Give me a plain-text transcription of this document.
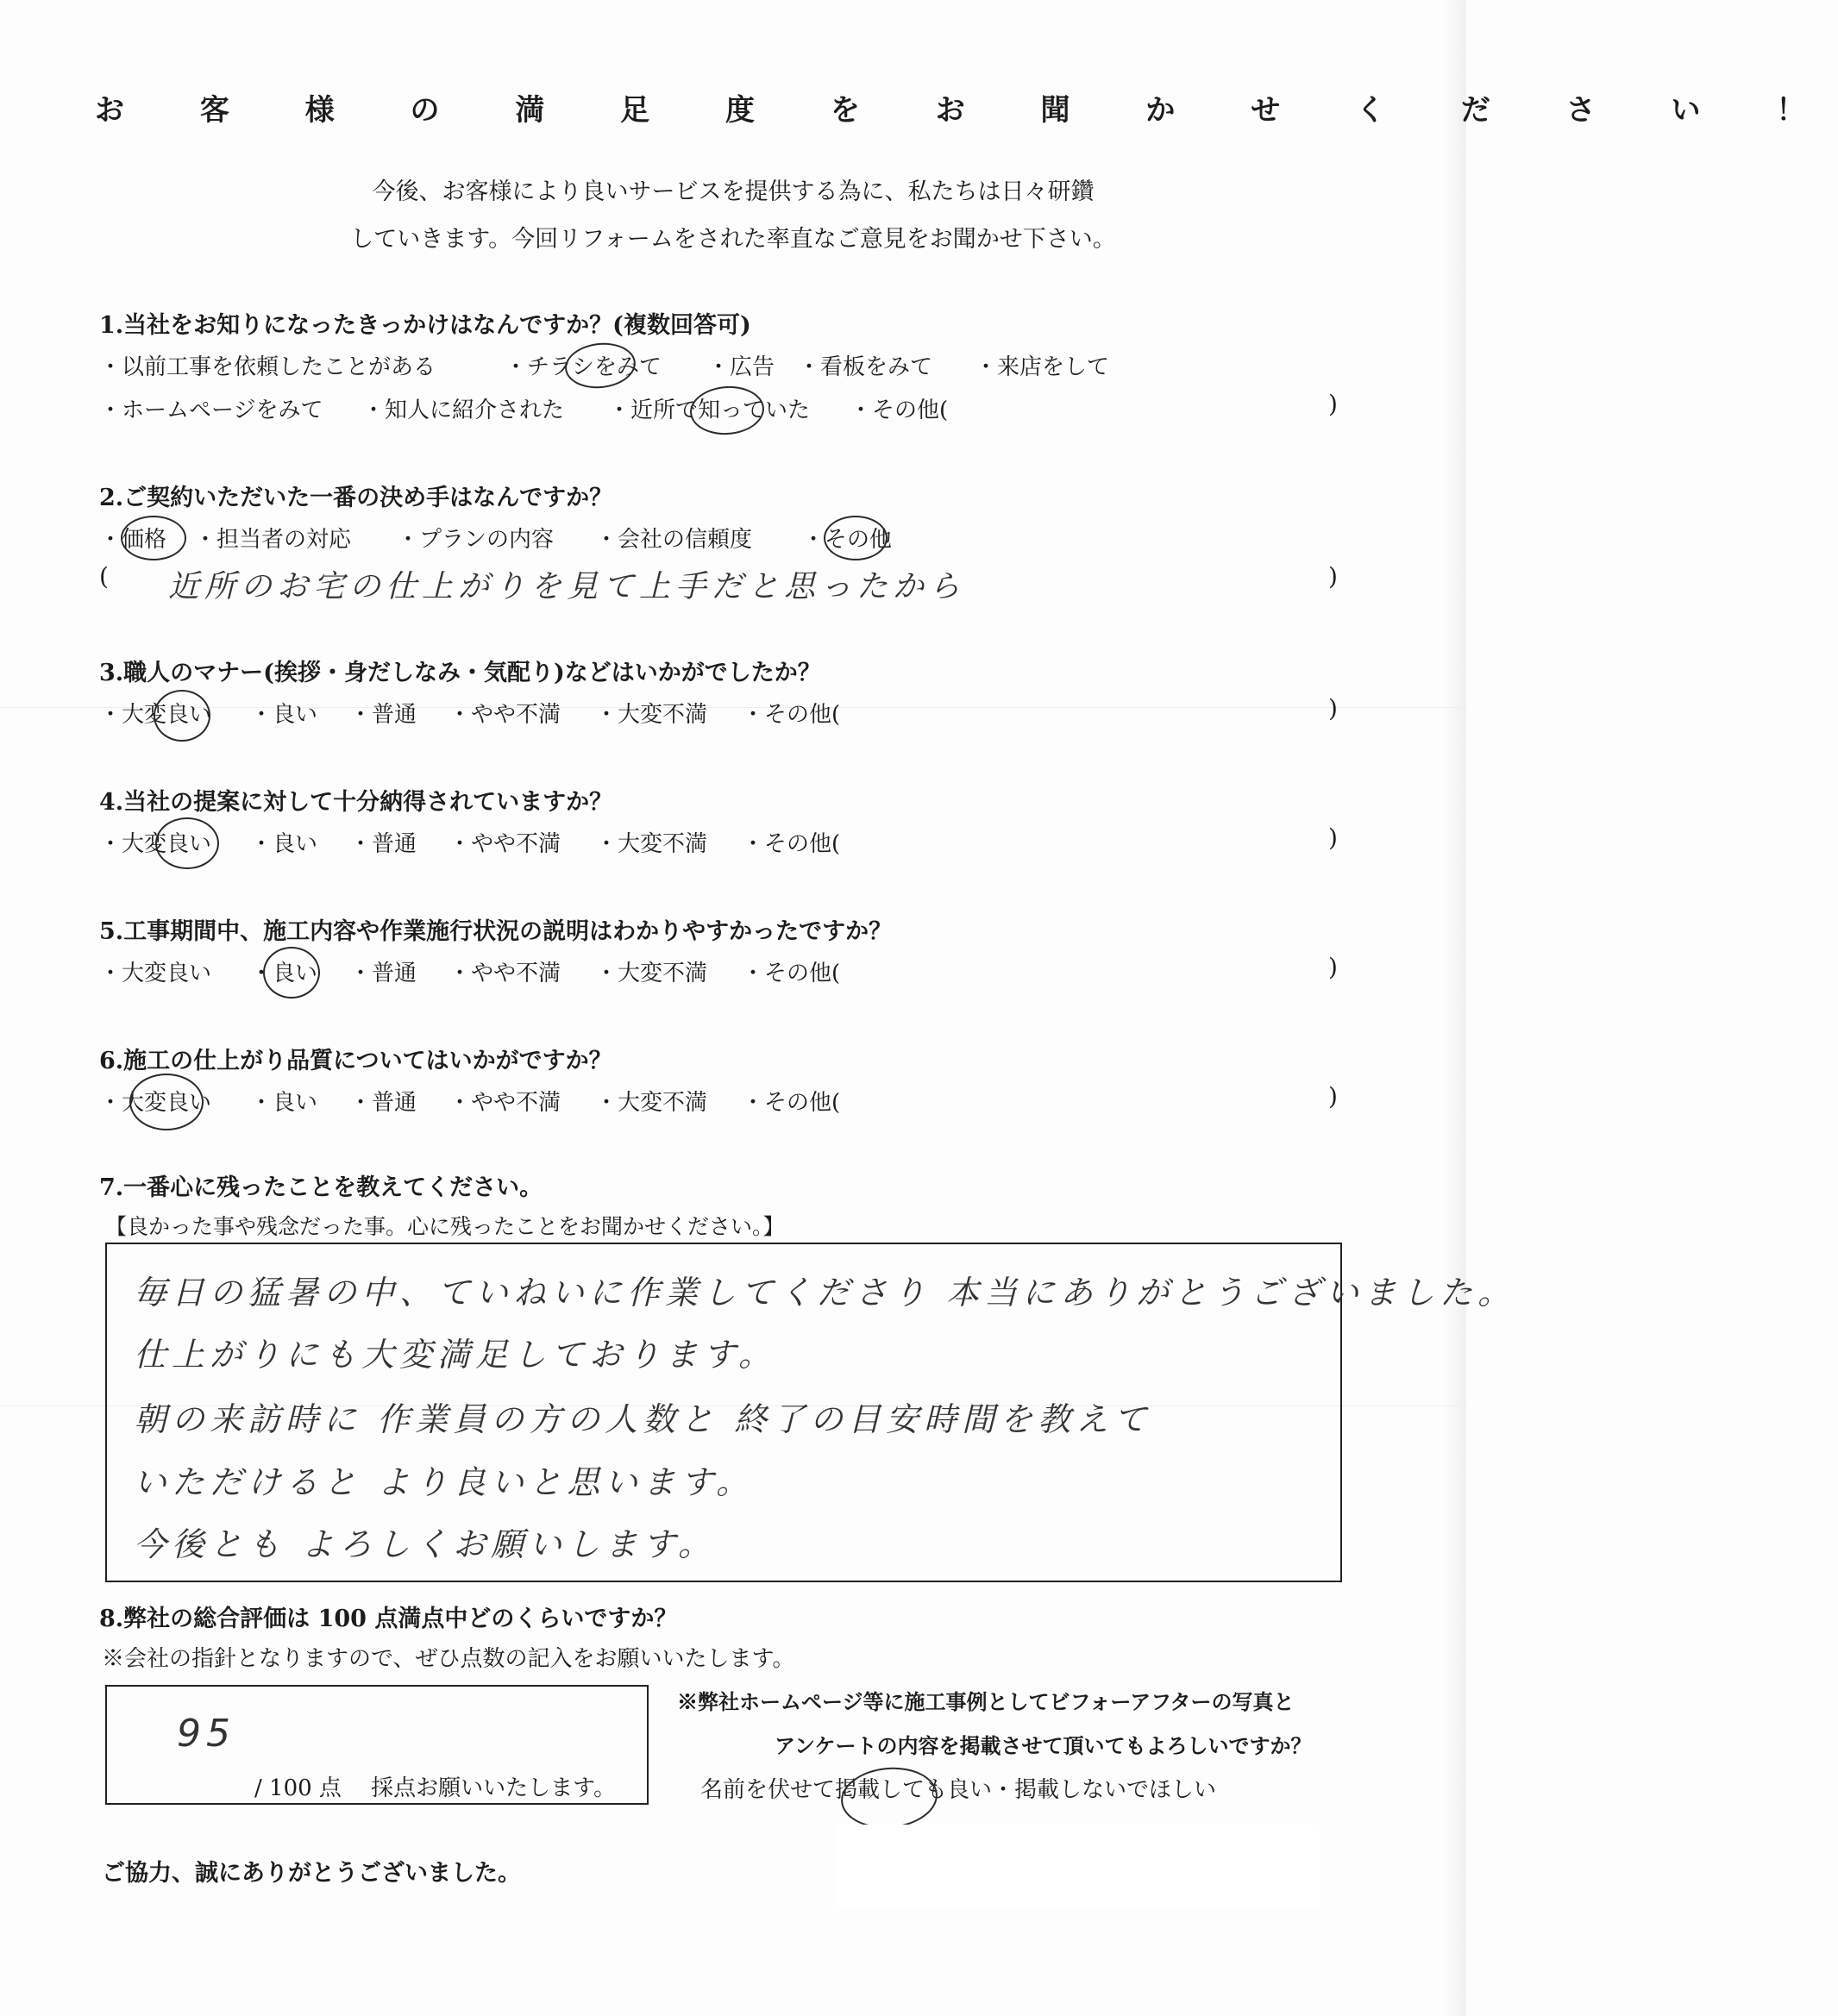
お 客 様 の 満 足 度 を お 聞 か せ く だ さ い ！
今後、お客様により良いサービスを提供する為に、私たちは日々研鑽
していきます。今回リフォームをされた率直なご意見をお聞かせ下さい。
1.当社をお知りになったきっかけはなんですか？(複数回答可)
・以前工事を依頼したことがある	・チラシをみて ・広告 ・看板をみて ・来店をして
・ホームページをみて ・知人に紹介された ・近所で知っていた ・その他(	)
2.ご契約いただいた一番の決め手はなんですか？
・価格 ・担当者の対応 ・プランの内容 ・会社の信頼度 ・その他
( 近所のお宅の仕上がりを見て上手だと思ったから	)
3.職人のマナー(挨拶・身だしなみ・気配り)などはいかがでしたか？
・大変良い ・良い ・普通 ・やや不満 ・大変不満 ・その他(	)
4.当社の提案に対して十分納得されていますか？
・大変良い ・良い ・普通 ・やや不満 ・大変不満 ・その他(	)
5.工事期間中、施工内容や作業施行状況の説明はわかりやすかったですか？
・大変良い ・良い ・普通 ・やや不満 ・大変不満 ・その他(	)
6.施工の仕上がり品質についてはいかがですか？
・大変良い ・良い ・普通 ・やや不満 ・大変不満 ・その他(	)
7.一番心に残ったことを教えてください。
【良かった事や残念だった事。心に残ったことをお聞かせください。】
毎日の猛暑の中、ていねいに作業してくださり 本当にありがとうございました。
仕上がりにも大変満足しております。
朝の来訪時に 作業員の方の人数と 終了の目安時間を教えて
いただけると より良いと思います。
今後とも よろしくお願いします。
8.弊社の総合評価は 100 点満点中どのくらいですか？
※会社の指針となりますので、ぜひ点数の記入をお願いいたします。
95
/ 100 点　 採点お願いいたします。
※弊社ホームページ等に施工事例としてビフォーアフターの写真と
アンケートの内容を掲載させて頂いてもよろしいですか？
名前を伏せて掲載しても良い・掲載しないでほしい
ご協力、誠にありがとうございました。
